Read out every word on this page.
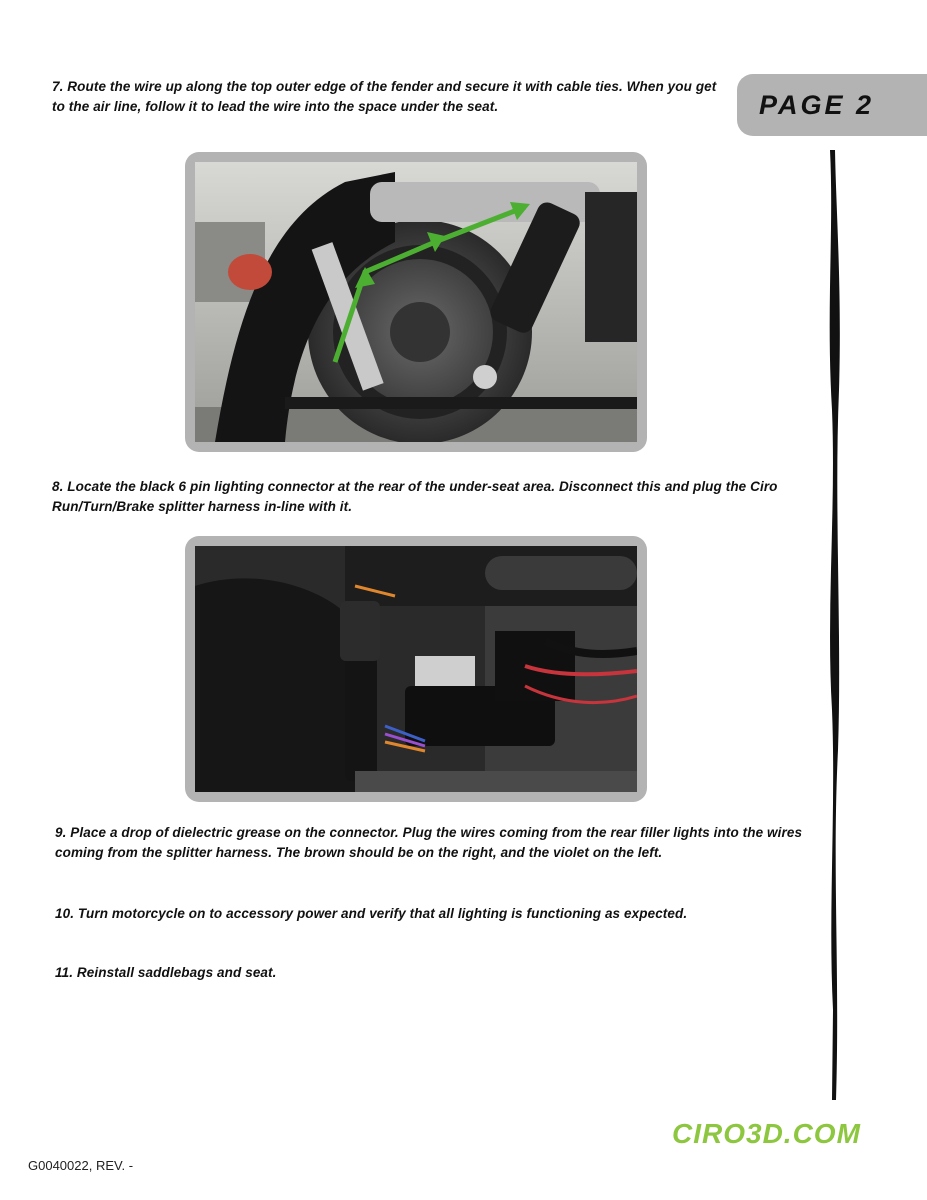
7. Route the wire up along the top outer edge of the fender and secure it with cable ties. When you get to the air line, follow it to lead the wire into the space under the seat.	PAGE 2

8. Locate the black 6 pin lighting connector at the rear of the under-seat area. Disconnect this and plug the Ciro Run/Turn/Brake splitter harness in-line with it.

9. Place a drop of dielectric grease on the connector. Plug the wires coming from the rear filler lights into the wires coming from the splitter harness. The brown should be on the right, and the violet on the left.

10. Turn motorcycle on to accessory power and verify that all lighting is functioning as expected.

11. Reinstall saddlebags and seat.

CIRO3D.COM
G0040022, REV. -
